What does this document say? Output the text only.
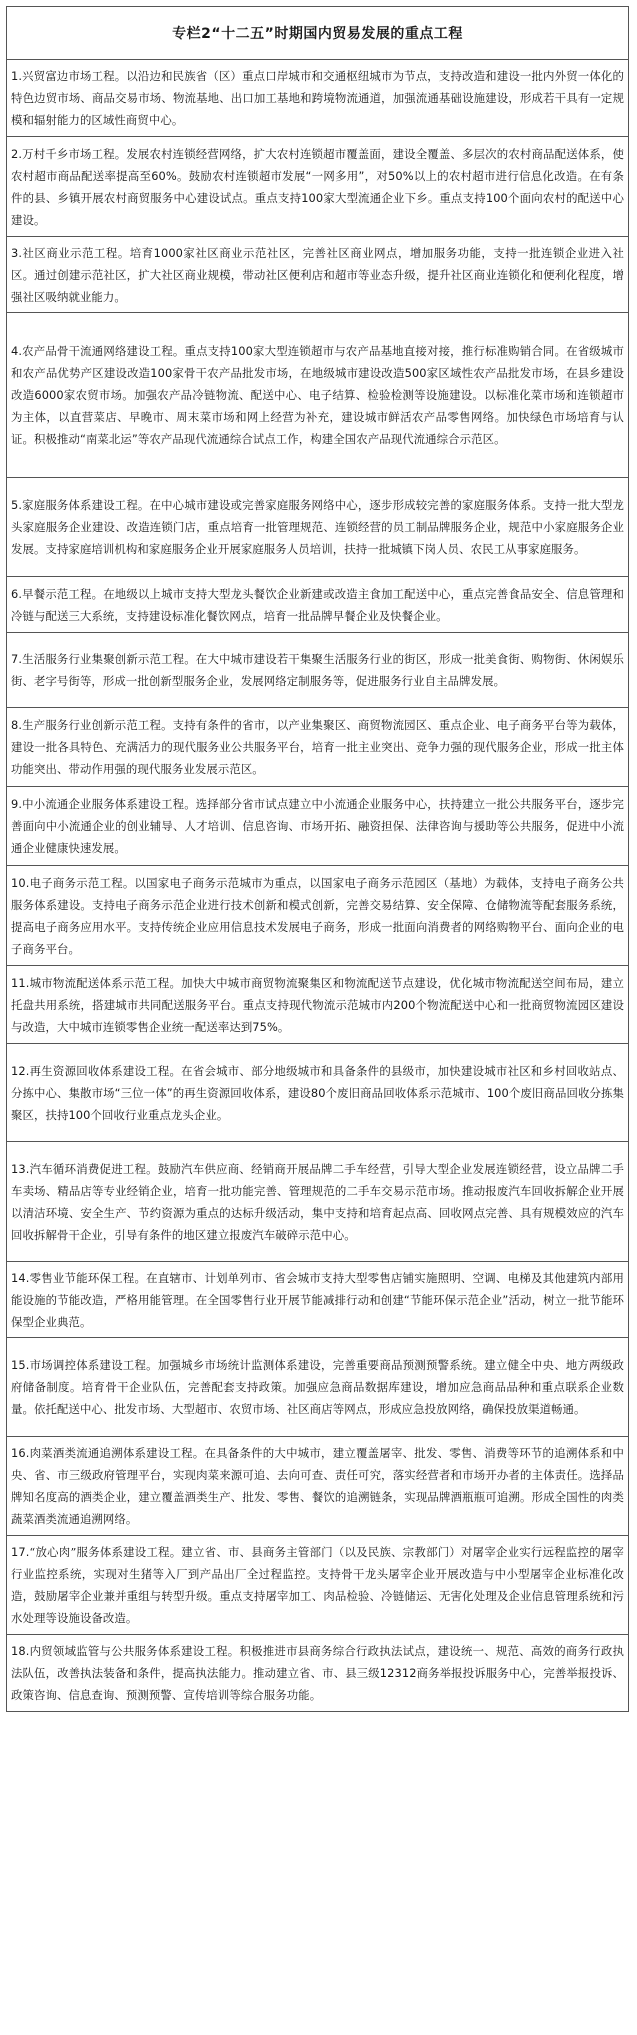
专栏2“十二五”时期国内贸易发展的重点工程
1.兴贸富边市场工程。以沿边和民族省（区）重点口岸城市和交通枢纽城市为节点，支持改造和建设一批内外贸一体化的特色边贸市场、商品交易市场、物流基地、出口加工基地和跨境物流通道，加强流通基础设施建设，形成若干具有一定规模和辐射能力的区域性商贸中心。
2.万村千乡市场工程。发展农村连锁经营网络，扩大农村连锁超市覆盖面，建设全覆盖、多层次的农村商品配送体系，使农村超市商品配送率提高至60%。鼓励农村连锁超市发展“一网多用”，对50%以上的农村超市进行信息化改造。在有条件的县、乡镇开展农村商贸服务中心建设试点。重点支持100家大型流通企业下乡。重点支持100个面向农村的配送中心建设。
3.社区商业示范工程。培育1000家社区商业示范社区，完善社区商业网点，增加服务功能，支持一批连锁企业进入社区。通过创建示范社区，扩大社区商业规模，带动社区便利店和超市等业态升级，提升社区商业连锁化和便利化程度，增强社区吸纳就业能力。
4.农产品骨干流通网络建设工程。重点支持100家大型连锁超市与农产品基地直接对接，推行标准购销合同。在省级城市和农产品优势产区建设改造100家骨干农产品批发市场，在地级城市建设改造500家区域性农产品批发市场，在县乡建设改造6000家农贸市场。加强农产品冷链物流、配送中心、电子结算、检验检测等设施建设。以标准化菜市场和连锁超市为主体，以直营菜店、早晚市、周末菜市场和网上经营为补充，建设城市鲜活农产品零售网络。加快绿色市场培育与认证。积极推动“南菜北运”等农产品现代流通综合试点工作，构建全国农产品现代流通综合示范区。
5.家庭服务体系建设工程。在中心城市建设或完善家庭服务网络中心，逐步形成较完善的家庭服务体系。支持一批大型龙头家庭服务企业建设、改造连锁门店，重点培育一批管理规范、连锁经营的员工制品牌服务企业，规范中小家庭服务企业发展。支持家庭培训机构和家庭服务企业开展家庭服务人员培训，扶持一批城镇下岗人员、农民工从事家庭服务。
6.早餐示范工程。在地级以上城市支持大型龙头餐饮企业新建或改造主食加工配送中心，重点完善食品安全、信息管理和冷链与配送三大系统，支持建设标准化餐饮网点，培育一批品牌早餐企业及快餐企业。
7.生活服务行业集聚创新示范工程。在大中城市建设若干集聚生活服务行业的街区，形成一批美食街、购物街、休闲娱乐街、老字号街等，形成一批创新型服务企业，发展网络定制服务等，促进服务行业自主品牌发展。
8.生产服务行业创新示范工程。支持有条件的省市，以产业集聚区、商贸物流园区、重点企业、电子商务平台等为载体，建设一批各具特色、充满活力的现代服务业公共服务平台，培育一批主业突出、竞争力强的现代服务企业，形成一批主体功能突出、带动作用强的现代服务业发展示范区。
9.中小流通企业服务体系建设工程。选择部分省市试点建立中小流通企业服务中心，扶持建立一批公共服务平台，逐步完善面向中小流通企业的创业辅导、人才培训、信息咨询、市场开拓、融资担保、法律咨询与援助等公共服务，促进中小流通企业健康快速发展。
10.电子商务示范工程。以国家电子商务示范城市为重点，以国家电子商务示范园区（基地）为载体，支持电子商务公共服务体系建设。支持电子商务示范企业进行技术创新和模式创新，完善交易结算、安全保障、仓储物流等配套服务系统，提高电子商务应用水平。支持传统企业应用信息技术发展电子商务，形成一批面向消费者的网络购物平台、面向企业的电子商务平台。
11.城市物流配送体系示范工程。加快大中城市商贸物流聚集区和物流配送节点建设，优化城市物流配送空间布局，建立托盘共用系统，搭建城市共同配送服务平台。重点支持现代物流示范城市内200个物流配送中心和一批商贸物流园区建设与改造，大中城市连锁零售企业统一配送率达到75%。
12.再生资源回收体系建设工程。在省会城市、部分地级城市和具备条件的县级市，加快建设城市社区和乡村回收站点、分拣中心、集散市场“三位一体”的再生资源回收体系，建设80个废旧商品回收体系示范城市、100个废旧商品回收分拣集聚区，扶持100个回收行业重点龙头企业。
13.汽车循环消费促进工程。鼓励汽车供应商、经销商开展品牌二手车经营，引导大型企业发展连锁经营，设立品牌二手车卖场、精品店等专业经销企业，培育一批功能完善、管理规范的二手车交易示范市场。推动报废汽车回收拆解企业开展以清洁环境、安全生产、节约资源为重点的达标升级活动，集中支持和培育起点高、回收网点完善、具有规模效应的汽车回收拆解骨干企业，引导有条件的地区建立报废汽车破碎示范中心。
14.零售业节能环保工程。在直辖市、计划单列市、省会城市支持大型零售店铺实施照明、空调、电梯及其他建筑内部用能设施的节能改造，严格用能管理。在全国零售行业开展节能减排行动和创建“节能环保示范企业”活动，树立一批节能环保型企业典范。
15.市场调控体系建设工程。加强城乡市场统计监测体系建设，完善重要商品预测预警系统。建立健全中央、地方两级政府储备制度。培育骨干企业队伍，完善配套支持政策。加强应急商品数据库建设，增加应急商品品种和重点联系企业数量。依托配送中心、批发市场、大型超市、农贸市场、社区商店等网点，形成应急投放网络，确保投放渠道畅通。
16.肉菜酒类流通追溯体系建设工程。在具备条件的大中城市，建立覆盖屠宰、批发、零售、消费等环节的追溯体系和中央、省、市三级政府管理平台，实现肉菜来源可追、去向可查、责任可究，落实经营者和市场开办者的主体责任。选择品牌知名度高的酒类企业，建立覆盖酒类生产、批发、零售、餐饮的追溯链条，实现品牌酒瓶瓶可追溯。形成全国性的肉类蔬菜酒类流通追溯网络。
17.“放心肉”服务体系建设工程。建立省、市、县商务主管部门（以及民族、宗教部门）对屠宰企业实行远程监控的屠宰行业监控系统，实现对生猪等入厂到产品出厂全过程监控。支持骨干龙头屠宰企业开展改造与中小型屠宰企业标准化改造，鼓励屠宰企业兼并重组与转型升级。重点支持屠宰加工、肉品检验、冷链储运、无害化处理及企业信息管理系统和污水处理等设施设备改造。
18.内贸领域监管与公共服务体系建设工程。积极推进市县商务综合行政执法试点，建设统一、规范、高效的商务行政执法队伍，改善执法装备和条件，提高执法能力。推动建立省、市、县三级12312商务举报投诉服务中心，完善举报投诉、政策咨询、信息查询、预测预警、宣传培训等综合服务功能。
